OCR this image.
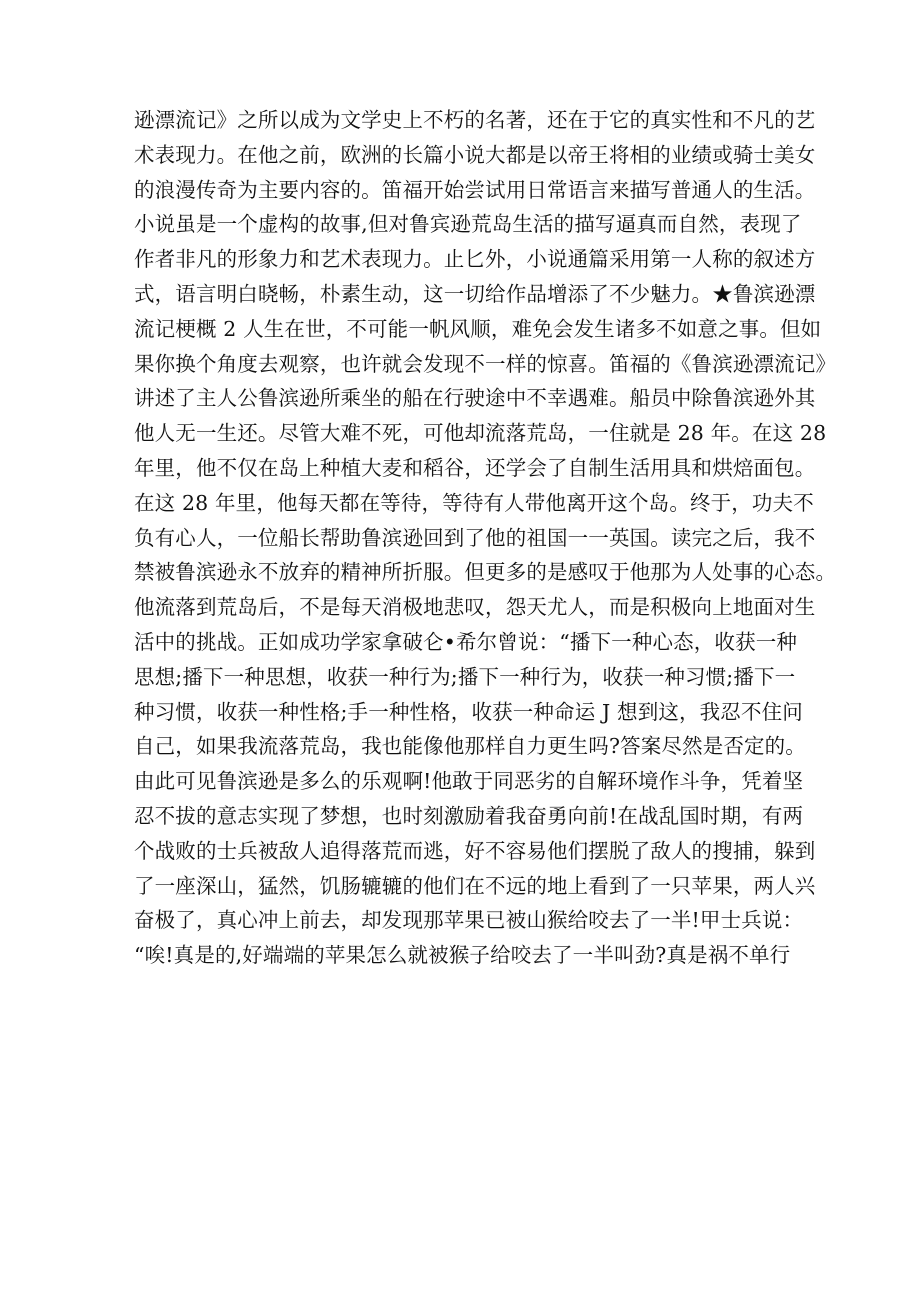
逊漂流记》之所以成为文学史上不朽的名著，还在于它的真实性和不凡的艺
术表现力。在他之前，欧洲的长篇小说大都是以帝王将相的业绩或骑士美女
的浪漫传奇为主要内容的。笛福开始尝试用日常语言来描写普通人的生活。
小说虽是一个虚构的故事,但对鲁宾逊荒岛生活的描写逼真而自然，表现了
作者非凡的形象力和艺术表现力。止匕外，小说通篇采用第一人称的叙述方
式，语言明白晓畅，朴素生动，这一切给作品增添了不少魅力。★鲁滨逊漂
流记梗概 2 人生在世，不可能一帆风顺，难免会发生诸多不如意之事。但如
果你换个角度去观察，也许就会发现不一样的惊喜。笛福的《鲁滨逊漂流记》
讲述了主人公鲁滨逊所乘坐的船在行驶途中不幸遇难。船员中除鲁滨逊外其
他人无一生还。尽管大难不死，可他却流落荒岛，一住就是 28 年。在这 28
年里，他不仅在岛上种植大麦和稻谷，还学会了自制生活用具和烘焙面包。
在这 28 年里，他每天都在等待，等待有人带他离开这个岛。终于，功夫不
负有心人，一位船长帮助鲁滨逊回到了他的祖国一一英国。读完之后，我不
禁被鲁滨逊永不放弃的精神所折服。但更多的是感叹于他那为人处事的心态。
他流落到荒岛后，不是每天消极地悲叹，怨天尤人，而是积极向上地面对生
活中的挑战。正如成功学家拿破仑•希尔曾说：“播下一种心态，收获一种
思想;播下一种思想，收获一种行为;播下一种行为，收获一种习惯;播下一
种习惯，收获一种性格;手一种性格，收获一种命运 J 想到这，我忍不住问
自己，如果我流落荒岛，我也能像他那样自力更生吗?答案尽然是否定的。
由此可见鲁滨逊是多么的乐观啊!他敢于同恶劣的自解环境作斗争，凭着坚
忍不拔的意志实现了梦想，也时刻激励着我奋勇向前!在战乱国时期，有两
个战败的士兵被敌人追得落荒而逃，好不容易他们摆脱了敌人的搜捕，躲到
了一座深山，猛然，饥肠辘辘的他们在不远的地上看到了一只苹果，两人兴
奋极了，真心冲上前去，却发现那苹果已被山猴给咬去了一半!甲士兵说：
“唉!真是的,好端端的苹果怎么就被猴子给咬去了一半叫劲?真是祸不单行
